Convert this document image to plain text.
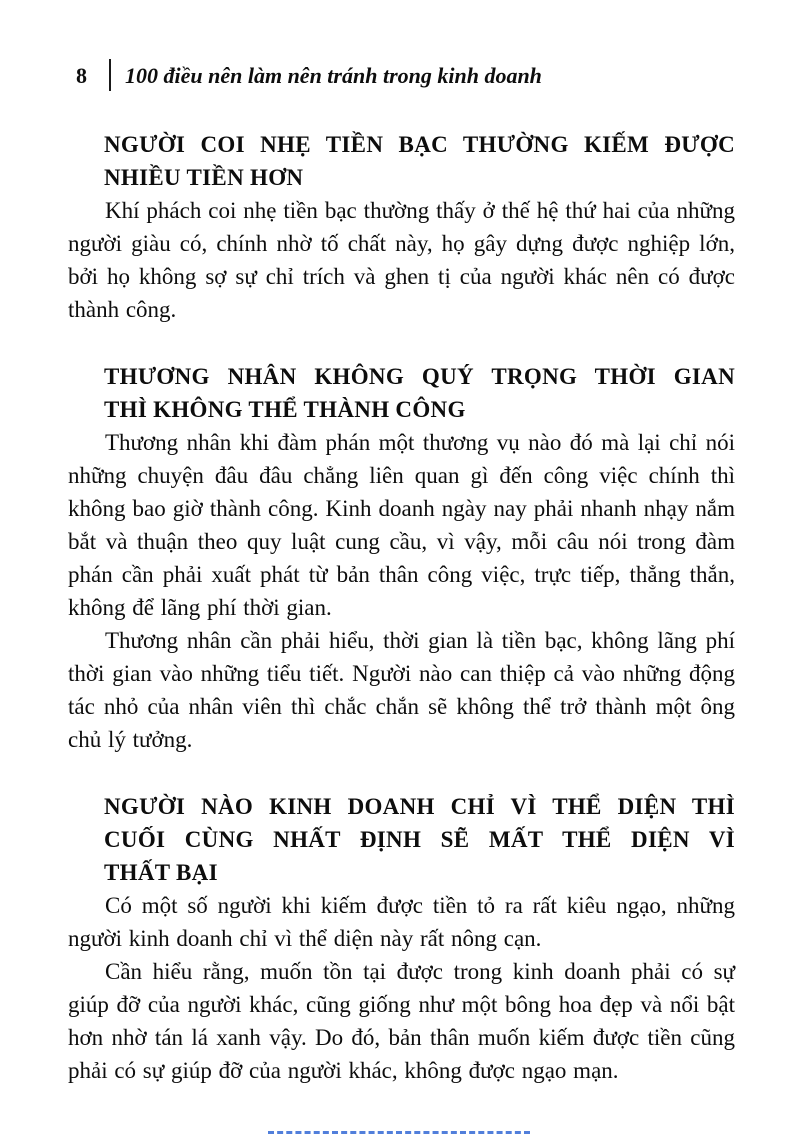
8 100 điều nên làm nên tránh trong kinh doanh
NGƯỜI COI NHẸ TIỀN BẠC THƯỜNG KIẾM ĐƯỢC
NHIỀU TIỀN HƠN

Khí phách coi nhẹ tiền bạc thường thấy ở thế hệ thứ hai của những người giàu có, chính nhờ tố chất này, họ gây dựng được nghiệp lớn, bởi họ không sợ sự chỉ trích và ghen tị của người khác nên có được thành công.

THƯƠNG NHÂN KHÔNG QUÝ TRỌNG THỜI GIAN
THÌ KHÔNG THỂ THÀNH CÔNG

Thương nhân khi đàm phán một thương vụ nào đó mà lại chỉ nói những chuyện đâu đâu chẳng liên quan gì đến công việc chính thì không bao giờ thành công. Kinh doanh ngày nay phải nhanh nhạy nắm bắt và thuận theo quy luật cung cầu, vì vậy, mỗi câu nói trong đàm phán cần phải xuất phát từ bản thân công việc, trực tiếp, thẳng thắn, không để lãng phí thời gian.

Thương nhân cần phải hiểu, thời gian là tiền bạc, không lãng phí thời gian vào những tiểu tiết. Người nào can thiệp cả vào những động tác nhỏ của nhân viên thì chắc chắn sẽ không thể trở thành một ông chủ lý tưởng.

NGƯỜI NÀO KINH DOANH CHỈ VÌ THỂ DIỆN THÌ
CUỐI CÙNG NHẤT ĐỊNH SẼ MẤT THỂ DIỆN VÌ
THẤT BẠI

Có một số người khi kiếm được tiền tỏ ra rất kiêu ngạo, những người kinh doanh chỉ vì thể diện này rất nông cạn.

Cần hiểu rằng, muốn tồn tại được trong kinh doanh phải có sự giúp đỡ của người khác, cũng giống như một bông hoa đẹp và nổi bật hơn nhờ tán lá xanh vậy. Do đó, bản thân muốn kiếm được tiền cũng phải có sự giúp đỡ của người khác, không được ngạo mạn.
